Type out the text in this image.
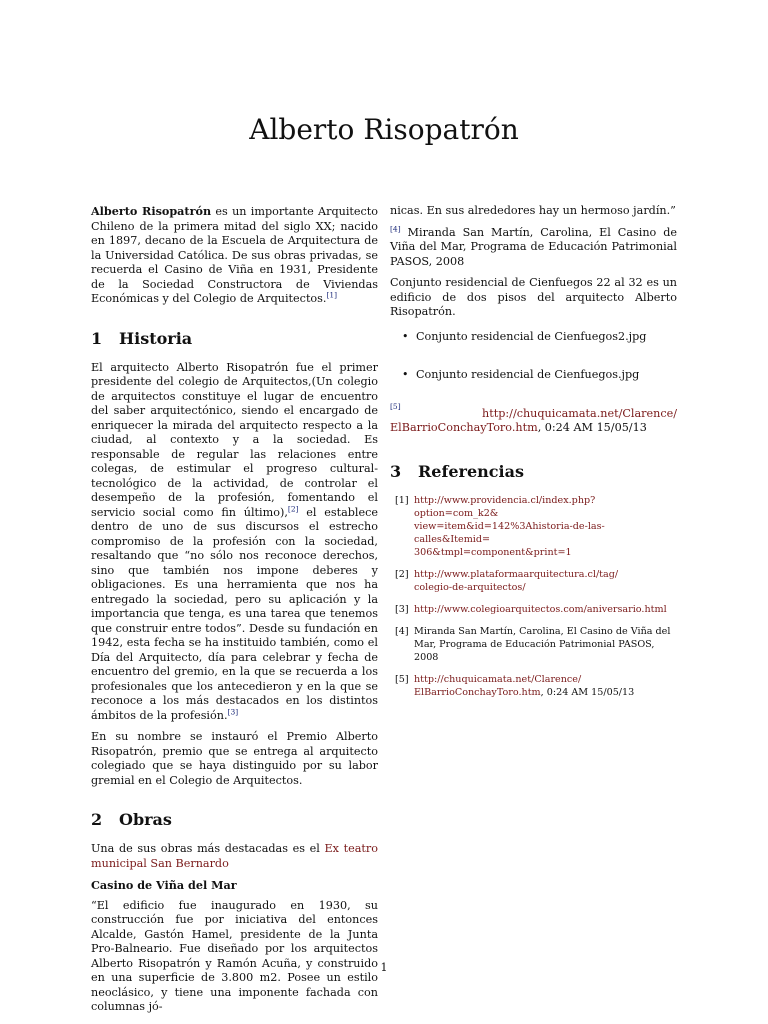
Alberto Risopatrón

Alberto Risopatrón es un importante Arquitecto Chileno de la primera mitad del siglo XX; nacido en 1897, decano de la Escuela de Arquitectura de la Universidad Católica. De sus obras privadas, se recuerda el Casino de Viña en 1931, Presidente de la Sociedad Constructora de Viviendas Económicas y del Colegio de Arquitectos.[1]

1 Historia

El arquitecto Alberto Risopatrón fue el primer presidente del colegio de Arquitectos,(Un colegio de arquitectos constituye el lugar de encuentro del saber arquitectónico, siendo el encargado de enriquecer la mirada del arquitecto respecto a la ciudad, al contexto y a la sociedad. Es responsable de regular las relaciones entre colegas, de estimular el progreso cultural-tecnológico de la actividad, de controlar el desempeño de la profesión, fomentando el servicio social como fin último),[2] el establece dentro de uno de sus discursos el estrecho compromiso de la profesión con la sociedad, resaltando que “no sólo nos reconoce derechos, sino que también nos impone deberes y obligaciones. Es una herramienta que nos ha entregado la sociedad, pero su aplicación y la importancia que tenga, es una tarea que tenemos que construir entre todos”. Desde su fundación en 1942, esta fecha se ha instituido también, como el Día del Arquitecto, día para celebrar y fecha de encuentro del gremio, en la que se recuerda a los profesionales que los antecedieron y en la que se reconoce a los más destacados en los distintos ámbitos de la profesión.[3]

En su nombre se instauró el Premio Alberto Risopatrón, premio que se entrega al arquitecto colegiado que se haya distinguido por su labor gremial en el Colegio de Arquitectos.

2 Obras

Una de sus obras más destacadas es el Ex teatro municipal San Bernardo

Casino de Viña del Mar

“El edificio fue inaugurado en 1930, su construcción fue por iniciativa del entonces Alcalde, Gastón Hamel, presidente de la Junta Pro-Balneario. Fue diseñado por los arquitectos Alberto Risopatrón y Ramón Acuña, y construido en una superficie de 3.800 m2. Posee un estilo neoclásico, y tiene una imponente fachada con columnas jó-

nicas. En sus alrededores hay un hermoso jardín.”

[4] Miranda San Martín, Carolina, El Casino de Viña del Mar, Programa de Educación Patrimonial PASOS, 2008

Conjunto residencial de Cienfuegos 22 al 32 es un edificio de dos pisos del arquitecto Alberto Risopatrón.

• Conjunto residencial de Cienfuegos2.jpg
• Conjunto residencial de Cienfuegos.jpg
[5]
http://chuquicamata.net/Clarence/
ElBarrioConchayToro.htm, 0:24 AM 15/05/13
3 Referencias
[1] http://www.providencia.cl/index.php?option=com_k2&
view=item&id=142%3Ahistoria-de-las-calles&Itemid=
306&tmpl=component&print=1
[2] http://www.plataformaarquitectura.cl/tag/
colegio-de-arquitectos/
[3] http://www.colegioarquitectos.com/aniversario.html
[4] Miranda San Martín, Carolina, El Casino de Viña del Mar, Programa de Educación Patrimonial PASOS, 2008
[5] http://chuquicamata.net/Clarence/
ElBarrioConchayToro.htm, 0:24 AM 15/05/13
1
